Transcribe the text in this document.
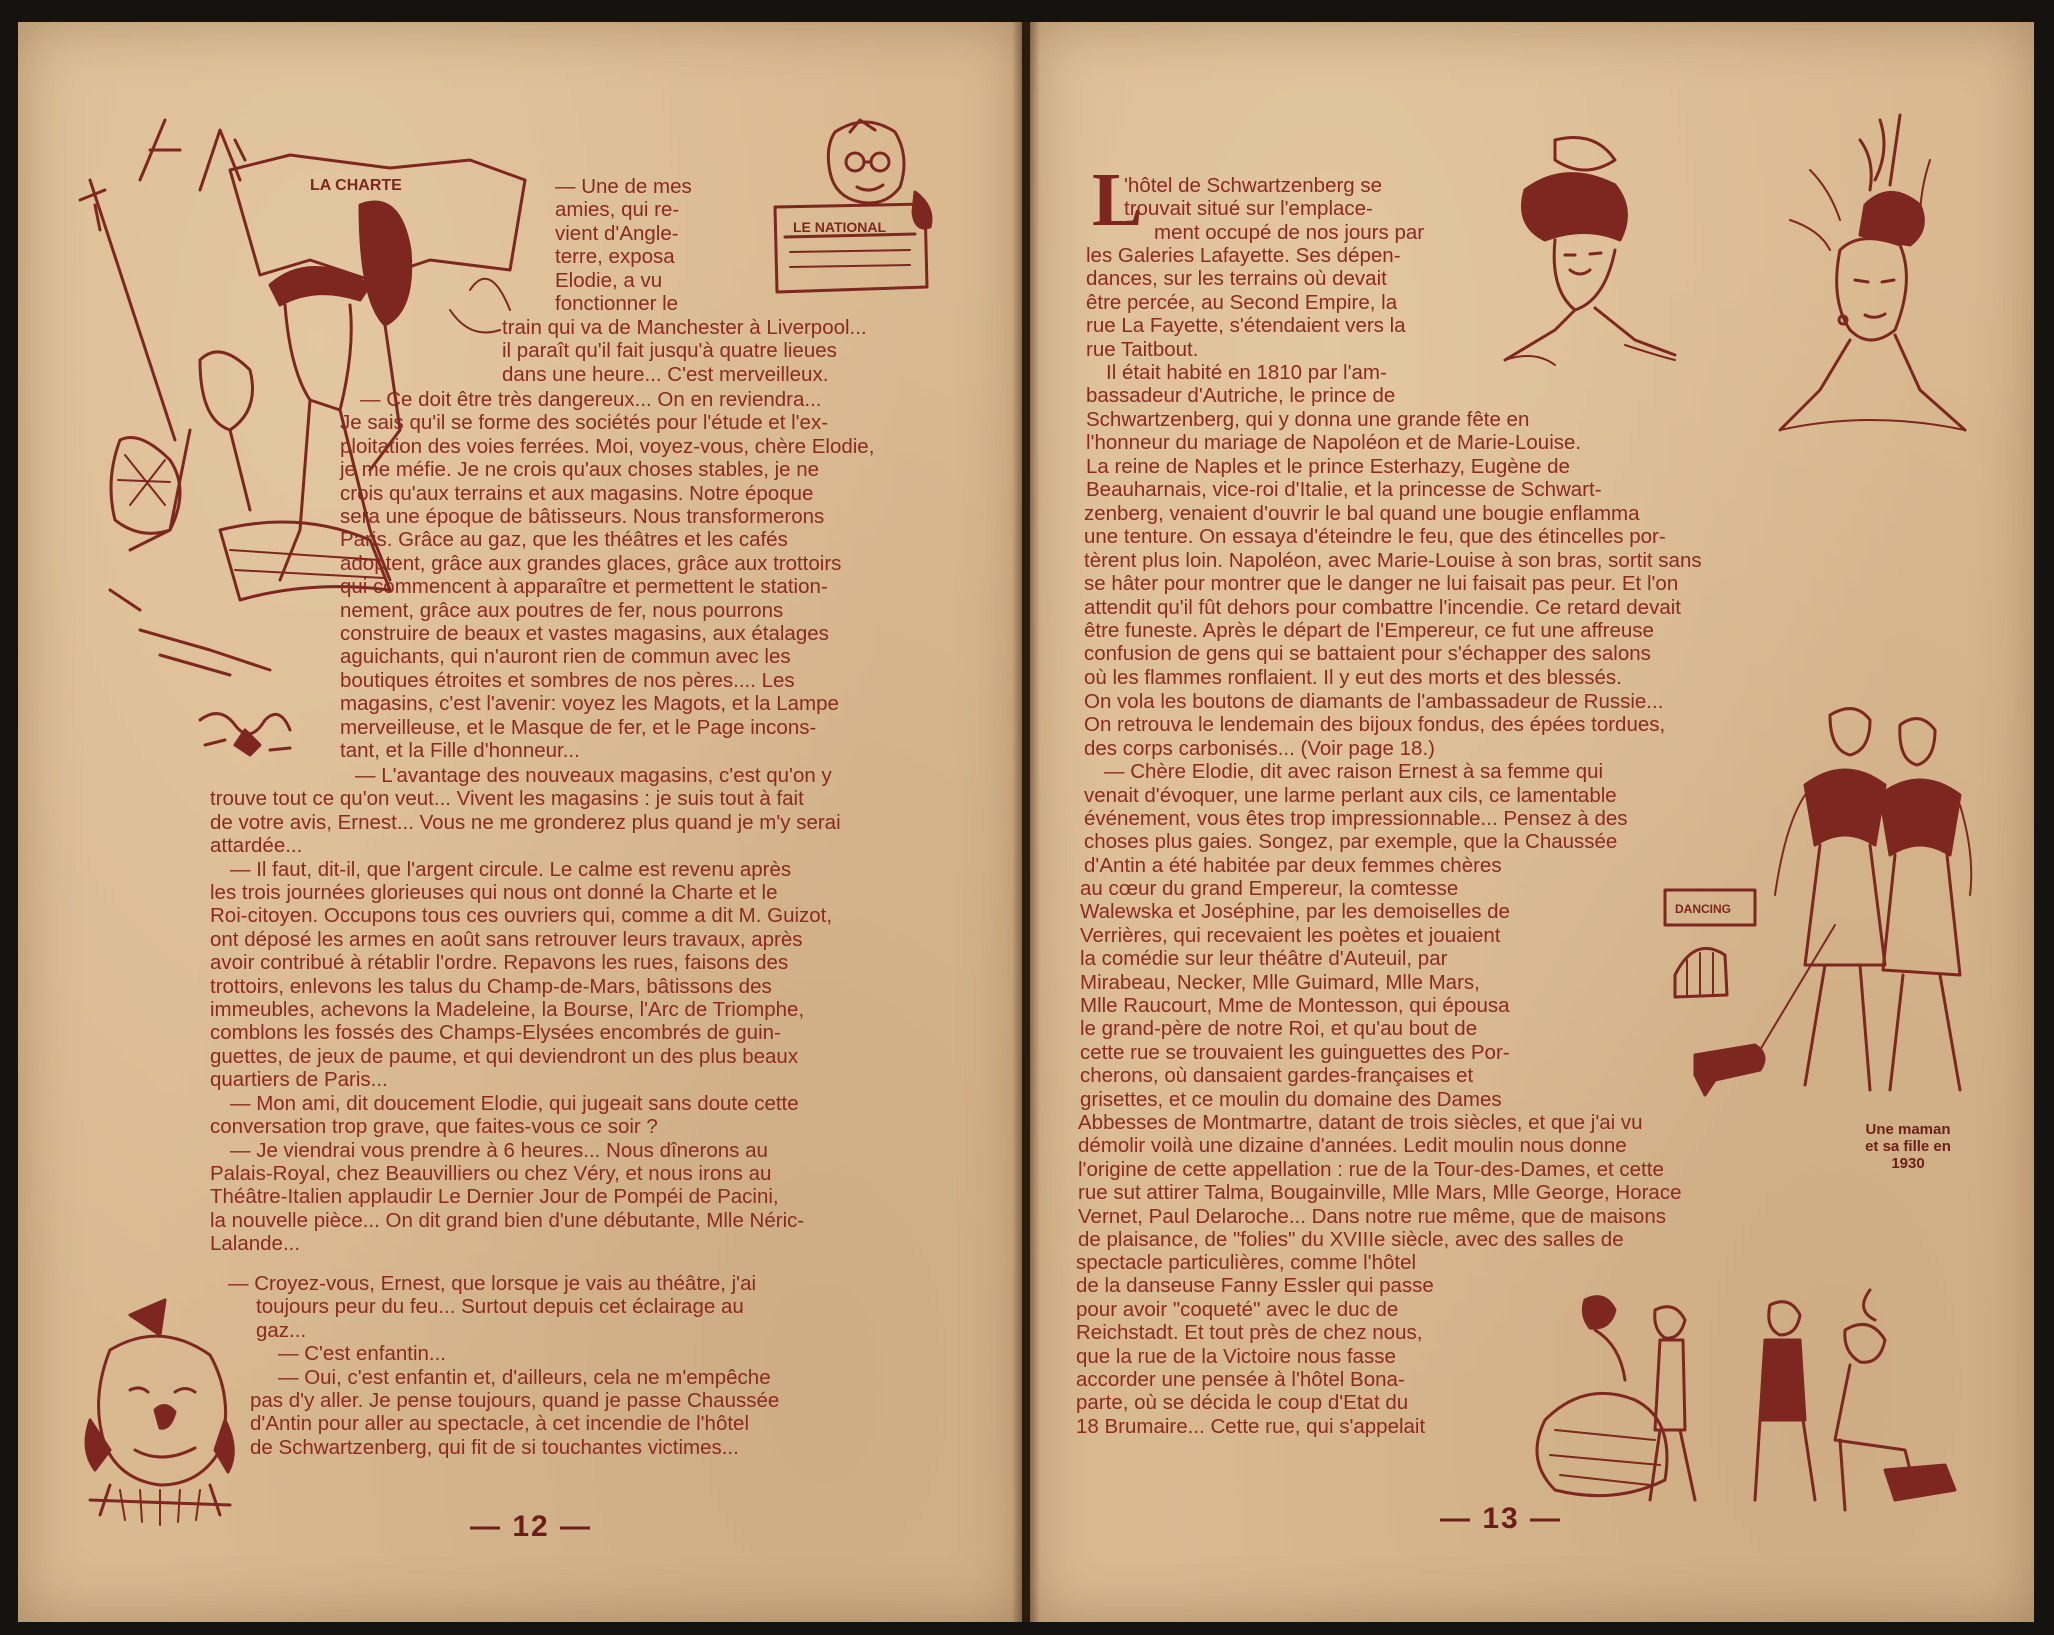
LA CHARTE
LE NATIONAL
DANCING

— Une de mes

amies, qui re-

vient d'Angle-

terre, exposa

Elodie, a vu

fonctionner le

train qui va de Manchester à Liverpool...

il paraît qu'il fait jusqu'à quatre lieues

dans une heure... C'est merveilleux.

— Ce doit être très dangereux... On en reviendra...

Je sais qu'il se forme des sociétés pour l'étude et l'ex-

ploitation des voies ferrées. Moi, voyez-vous, chère Elodie,

je me méfie. Je ne crois qu'aux choses stables, je ne

crois qu'aux terrains et aux magasins. Notre époque

sera une époque de bâtisseurs. Nous transformerons

Paris. Grâce au gaz, que les théâtres et les cafés

adoptent, grâce aux grandes glaces, grâce aux trottoirs

qui commencent à apparaître et permettent le station-

nement, grâce aux poutres de fer, nous pourrons

construire de beaux et vastes magasins, aux étalages

aguichants, qui n'auront rien de commun avec les

boutiques étroites et sombres de nos pères.... Les

magasins, c'est l'avenir: voyez les Magots, et la Lampe

merveilleuse, et le Masque de fer, et le Page incons-

tant, et la Fille d'honneur...

— L'avantage des nouveaux magasins, c'est qu'on y

trouve tout ce qu'on veut... Vivent les magasins : je suis tout à fait

de votre avis, Ernest... Vous ne me gronderez plus quand je m'y serai

attardée...

— Il faut, dit-il, que l'argent circule. Le calme est revenu après

les trois journées glorieuses qui nous ont donné la Charte et le

Roi-citoyen. Occupons tous ces ouvriers qui, comme a dit M. Guizot,

ont déposé les armes en août sans retrouver leurs travaux, après

avoir contribué à rétablir l'ordre. Repavons les rues, faisons des

trottoirs, enlevons les talus du Champ-de-Mars, bâtissons des

immeubles, achevons la Madeleine, la Bourse, l'Arc de Triomphe,

comblons les fossés des Champs-Elysées encombrés de guin-

guettes, de jeux de paume, et qui deviendront un des plus beaux

quartiers de Paris...

— Mon ami, dit doucement Elodie, qui jugeait sans doute cette

conversation trop grave, que faites-vous ce soir ?

— Je viendrai vous prendre à 6 heures... Nous dînerons au

Palais-Royal, chez Beauvilliers ou chez Véry, et nous irons au

Théâtre-Italien applaudir Le Dernier Jour de Pompéi de Pacini,

la nouvelle pièce... On dit grand bien d'une débutante, Mlle Néric-

Lalande...

— Croyez-vous, Ernest, que lorsque je vais au théâtre, j'ai

toujours peur du feu... Surtout depuis cet éclairage au

gaz...

— C'est enfantin...

— Oui, c'est enfantin et, d'ailleurs, cela ne m'empêche

pas d'y aller. Je pense toujours, quand je passe Chaussée

d'Antin pour aller au spectacle, à cet incendie de l'hôtel

de Schwartzenberg, qui fit de si touchantes victimes...

— 12 —
L

'hôtel de Schwartzenberg se

trouvait situé sur l'emplace-

ment occupé de nos jours par

les Galeries Lafayette. Ses dépen-

dances, sur les terrains où devait

être percée, au Second Empire, la

rue La Fayette, s'étendaient vers la

rue Taitbout.

Il était habité en 1810 par l'am-

bassadeur d'Autriche, le prince de

Schwartzenberg, qui y donna une grande fête en

l'honneur du mariage de Napoléon et de Marie-Louise.

La reine de Naples et le prince Esterhazy, Eugène de

Beauharnais, vice-roi d'Italie, et la princesse de Schwart-

zenberg, venaient d'ouvrir le bal quand une bougie enflamma

une tenture. On essaya d'éteindre le feu, que des étincelles por-

tèrent plus loin. Napoléon, avec Marie-Louise à son bras, sortit sans

se hâter pour montrer que le danger ne lui faisait pas peur. Et l'on

attendit qu'il fût dehors pour combattre l'incendie. Ce retard devait

être funeste. Après le départ de l'Empereur, ce fut une affreuse

confusion de gens qui se battaient pour s'échapper des salons

où les flammes ronflaient. Il y eut des morts et des blessés.

On vola les boutons de diamants de l'ambassadeur de Russie...

On retrouva le lendemain des bijoux fondus, des épées tordues,

des corps carbonisés... (Voir page 18.)

— Chère Elodie, dit avec raison Ernest à sa femme qui

venait d'évoquer, une larme perlant aux cils, ce lamentable

événement, vous êtes trop impressionnable... Pensez à des

choses plus gaies. Songez, par exemple, que la Chaussée

d'Antin a été habitée par deux femmes chères

au cœur du grand Empereur, la comtesse

Walewska et Joséphine, par les demoiselles de

Verrières, qui recevaient les poètes et jouaient

la comédie sur leur théâtre d'Auteuil, par

Mirabeau, Necker, Mlle Guimard, Mlle Mars,

Mlle Raucourt, Mme de Montesson, qui épousa

le grand-père de notre Roi, et qu'au bout de

cette rue se trouvaient les guinguettes des Por-

cherons, où dansaient gardes-françaises et

grisettes, et ce moulin du domaine des Dames

Abbesses de Montmartre, datant de trois siècles, et que j'ai vu

démolir voilà une dizaine d'années. Ledit moulin nous donne

l'origine de cette appellation : rue de la Tour-des-Dames, et cette

rue sut attirer Talma, Bougainville, Mlle Mars, Mlle George, Horace

Vernet, Paul Delaroche... Dans notre rue même, que de maisons

de plaisance, de "folies" du XVIIIe siècle, avec des salles de

spectacle particulières, comme l'hôtel

de la danseuse Fanny Essler qui passe

pour avoir "coqueté" avec le duc de

Reichstadt. Et tout près de chez nous,

que la rue de la Victoire nous fasse

accorder une pensée à l'hôtel Bona-

parte, où se décida le coup d'Etat du

18 Brumaire... Cette rue, qui s'appelait

Une maman et sa fille en 1930
— 13 —
